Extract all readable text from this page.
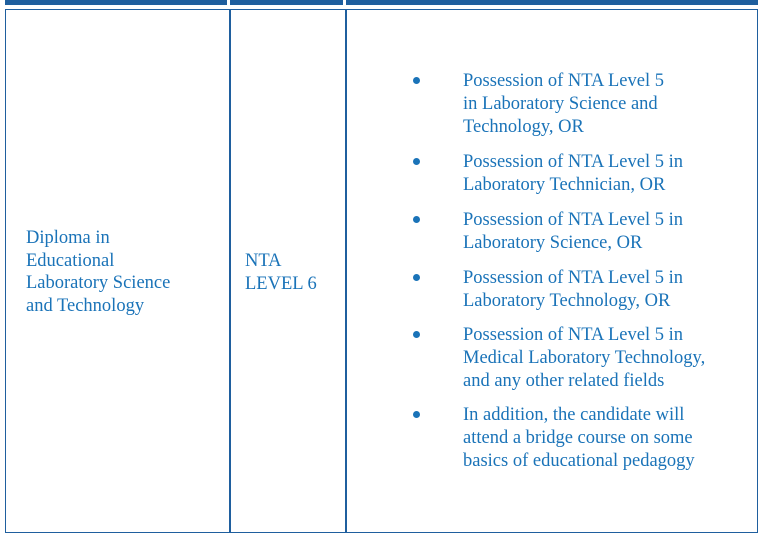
Diploma in
Educational
Laboratory Science
and Technology

NTA
LEVEL 6

Possession of NTA Level 5
in Laboratory Science and
Technology, OR
Possession of NTA Level 5 in
Laboratory Technician, OR
Possession of NTA Level 5 in
Laboratory Science, OR
Possession of NTA Level 5 in
Laboratory Technology, OR
Possession of NTA Level 5 in
Medical Laboratory Technology,
and any other related fields
In addition, the candidate will
attend a bridge course on some
basics of educational pedagogy
